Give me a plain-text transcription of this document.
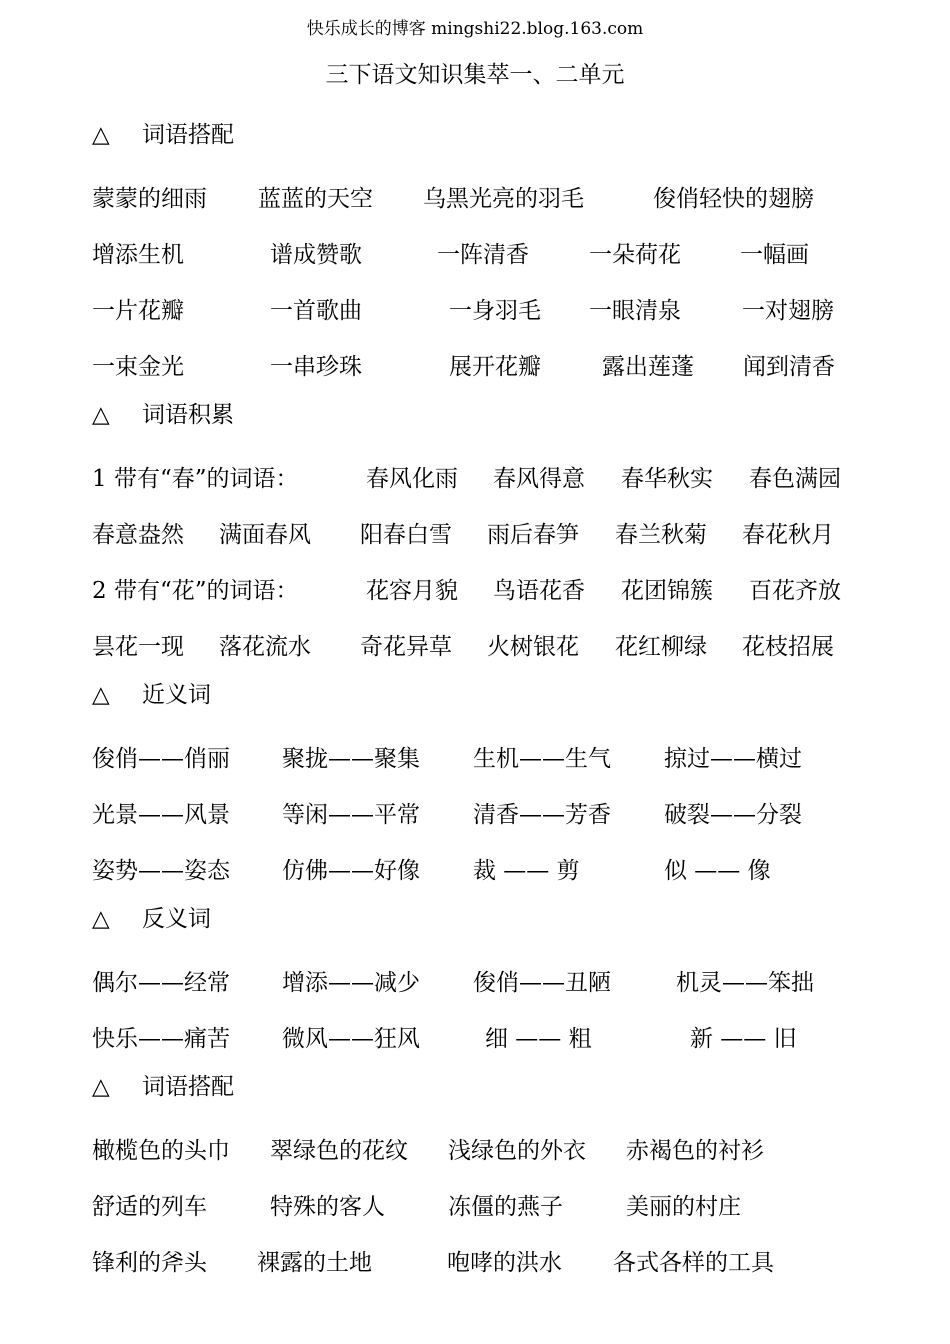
快乐成长的博客 mingshi22.blog.163.com
三下语文知识集萃一、二单元
△ 词语搭配
蒙蒙的细雨	蓝蓝的天空	乌黑光亮的羽毛	俊俏轻快的翅膀
增添生机	谱成赞歌	一阵清香	一朵荷花	一幅画
一片花瓣	一首歌曲	一身羽毛	一眼清泉	一对翅膀
一束金光	一串珍珠	展开花瓣	露出莲蓬	闻到清香
△ 词语积累
1 带有“春”的词语：	春风化雨	春风得意	春华秋实	春色满园
春意盎然	满面春风	阳春白雪	雨后春笋	春兰秋菊	春花秋月
2 带有“花”的词语：	花容月貌	鸟语花香	花团锦簇	百花齐放
昙花一现	落花流水	奇花异草	火树银花	花红柳绿	花枝招展
△ 近义词
俊俏——俏丽	聚拢——聚集	生机——生气	掠过——横过
光景——风景	等闲——平常	清香——芳香	破裂——分裂
姿势——姿态	仿佛——好像	裁 —— 剪	似 —— 像
△ 反义词
偶尔——经常	增添——减少	俊俏——丑陋	机灵——笨拙
快乐——痛苦	微风——狂风	细 —— 粗	新 —— 旧
△ 词语搭配
橄榄色的头巾	翠绿色的花纹	浅绿色的外衣	赤褐色的衬衫
舒适的列车	特殊的客人	冻僵的燕子	美丽的村庄
锋利的斧头	裸露的土地	咆哮的洪水	各式各样的工具
